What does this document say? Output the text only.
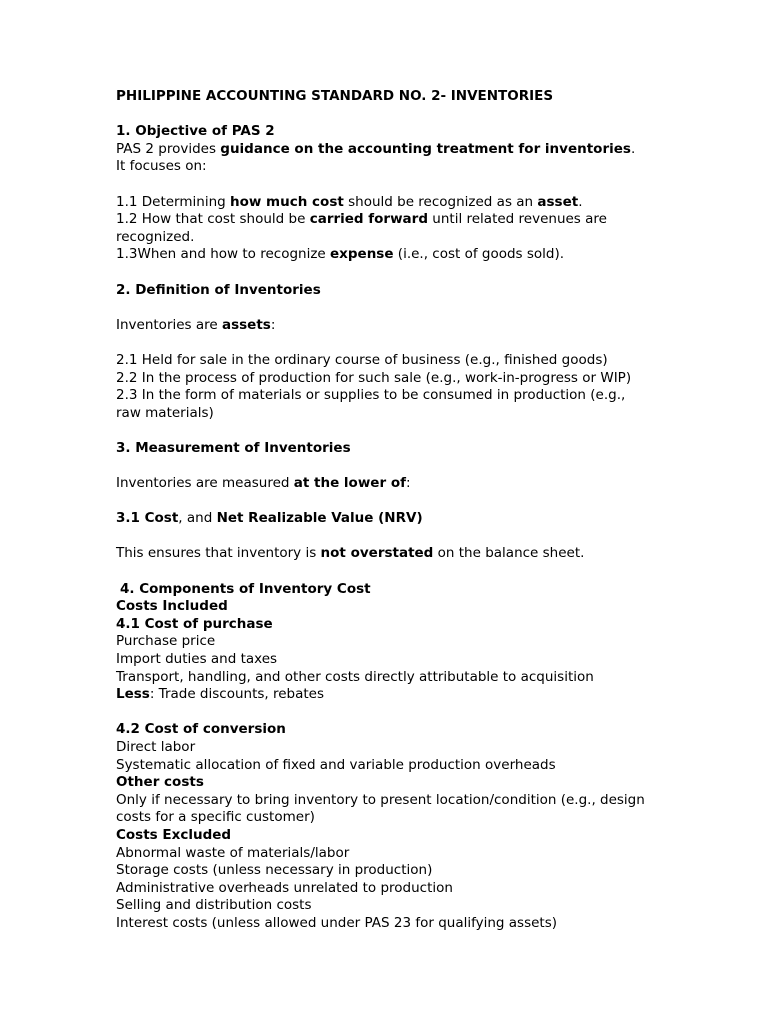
PHILIPPINE ACCOUNTING STANDARD NO. 2- INVENTORIES
1. Objective of PAS 2
PAS 2 provides guidance on the accounting treatment for inventories.
It focuses on:
1.1 Determining how much cost should be recognized as an asset.
1.2 How that cost should be carried forward until related revenues are
recognized.
1.3When and how to recognize expense (i.e., cost of goods sold).
2. Definition of Inventories
Inventories are assets:
2.1 Held for sale in the ordinary course of business (e.g., finished goods)
2.2 In the process of production for such sale (e.g., work-in-progress or WIP)
2.3 In the form of materials or supplies to be consumed in production (e.g.,
raw materials)
3. Measurement of Inventories
Inventories are measured at the lower of:
3.1 Cost, and Net Realizable Value (NRV)
This ensures that inventory is not overstated on the balance sheet.
4. Components of Inventory Cost
Costs Included
4.1 Cost of purchase
Purchase price
Import duties and taxes
Transport, handling, and other costs directly attributable to acquisition
Less: Trade discounts, rebates
4.2 Cost of conversion
Direct labor
Systematic allocation of fixed and variable production overheads
Other costs
Only if necessary to bring inventory to present location/condition (e.g., design
costs for a specific customer)
Costs Excluded
Abnormal waste of materials/labor
Storage costs (unless necessary in production)
Administrative overheads unrelated to production
Selling and distribution costs
Interest costs (unless allowed under PAS 23 for qualifying assets)
